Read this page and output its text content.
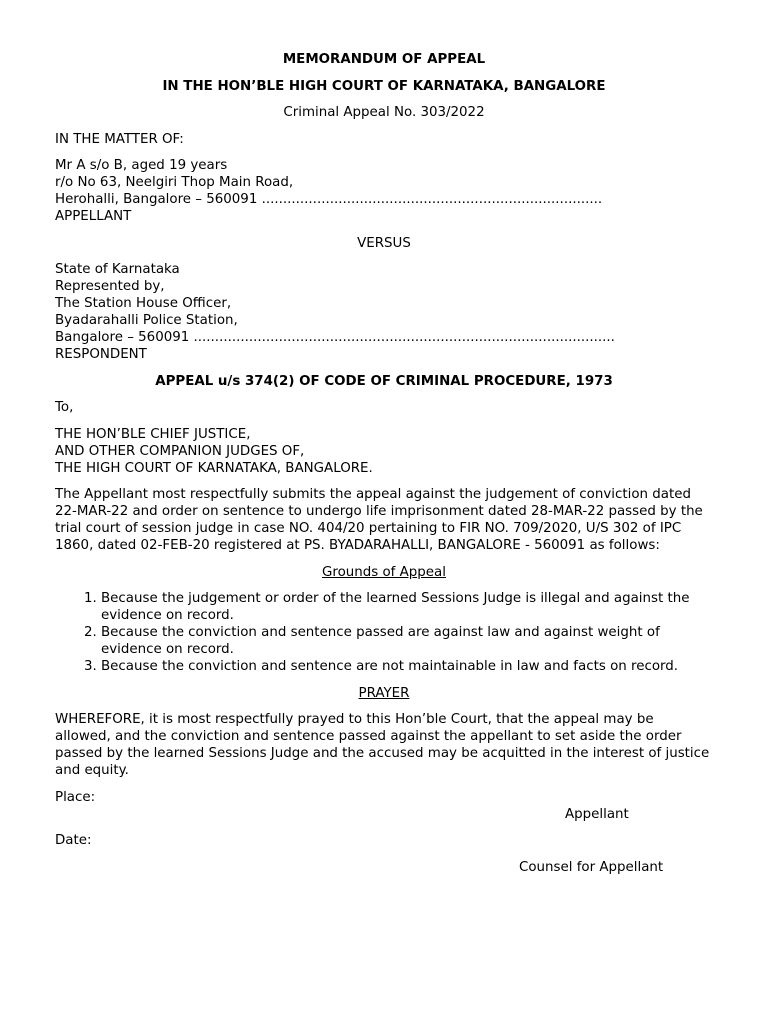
MEMORANDUM OF APPEAL

IN THE HON’BLE HIGH COURT OF KARNATAKA, BANGALORE

Criminal Appeal No. 303/2022

IN THE MATTER OF:

Mr A s/o B, aged 19 years
r/o No 63, Neelgiri Thop Main Road,
Herohalli, Bangalore – 560091 ................................................................................
APPELLANT

VERSUS

State of Karnataka
Represented by,
The Station House Officer,
Byadarahalli Police Station,
Bangalore – 560091 ...................................................................................................
RESPONDENT

APPEAL u/s 374(2) OF CODE OF CRIMINAL PROCEDURE, 1973

To,

THE HON’BLE CHIEF JUSTICE,
AND OTHER COMPANION JUDGES OF,
THE HIGH COURT OF KARNATAKA, BANGALORE.

The Appellant most respectfully submits the appeal against the judgement of conviction dated 22-MAR-22 and order on sentence to undergo life imprisonment dated 28-MAR-22 passed by the trial court of session judge in case NO. 404/20 pertaining to FIR NO. 709/2020, U/S 302 of IPC 1860, dated 02-FEB-20 registered at PS. BYADARAHALLI, BANGALORE - 560091 as follows:

Grounds of Appeal

1. Because the judgement or order of the learned Sessions Judge is illegal and against the evidence on record.
2. Because the conviction and sentence passed are against law and against weight of evidence on record.
3. Because the conviction and sentence are not maintainable in law and facts on record.

PRAYER

WHEREFORE, it is most respectfully prayed to this Hon’ble Court, that the appeal may be allowed, and the conviction and sentence passed against the appellant to set aside the order passed by the learned Sessions Judge and the accused may be acquitted in the interest of justice and equity.

Place:

Appellant

Date:

Counsel for Appellant
